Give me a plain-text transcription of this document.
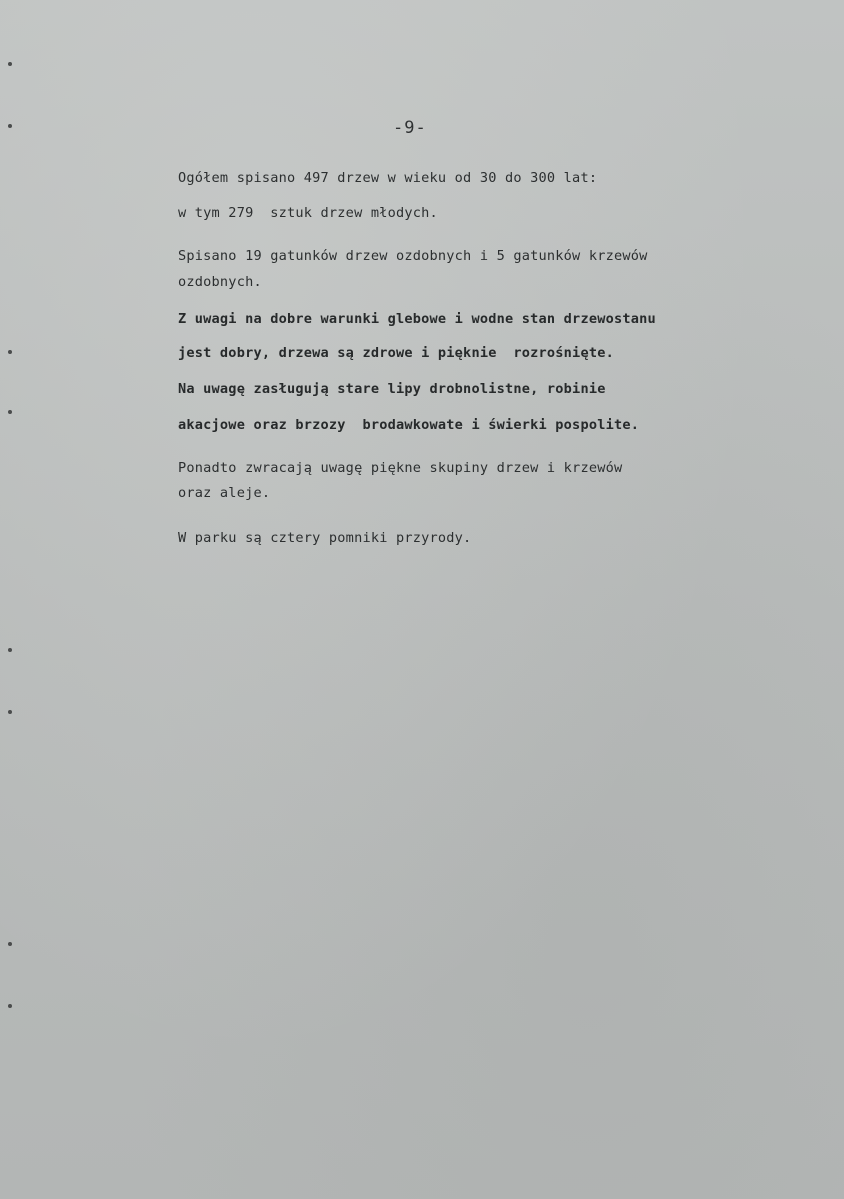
-9-
Ogółem spisano 497 drzew w wieku od 30 do 300 lat:
w tym 279  sztuk drzew młodych.
Spisano 19 gatunków drzew ozdobnych i 5 gatunków krzewów
ozdobnych.
Z uwagi na dobre warunki glebowe i wodne stan drzewostanu
jest dobry, drzewa są zdrowe i pięknie  rozrośnięte.
Na uwagę zasługują stare lipy drobnolistne, robinie
akacjowe oraz brzozy  brodawkowate i świerki pospolite.
Ponadto zwracają uwagę piękne skupiny drzew i krzewów
oraz aleje.
W parku są cztery pomniki przyrody.
